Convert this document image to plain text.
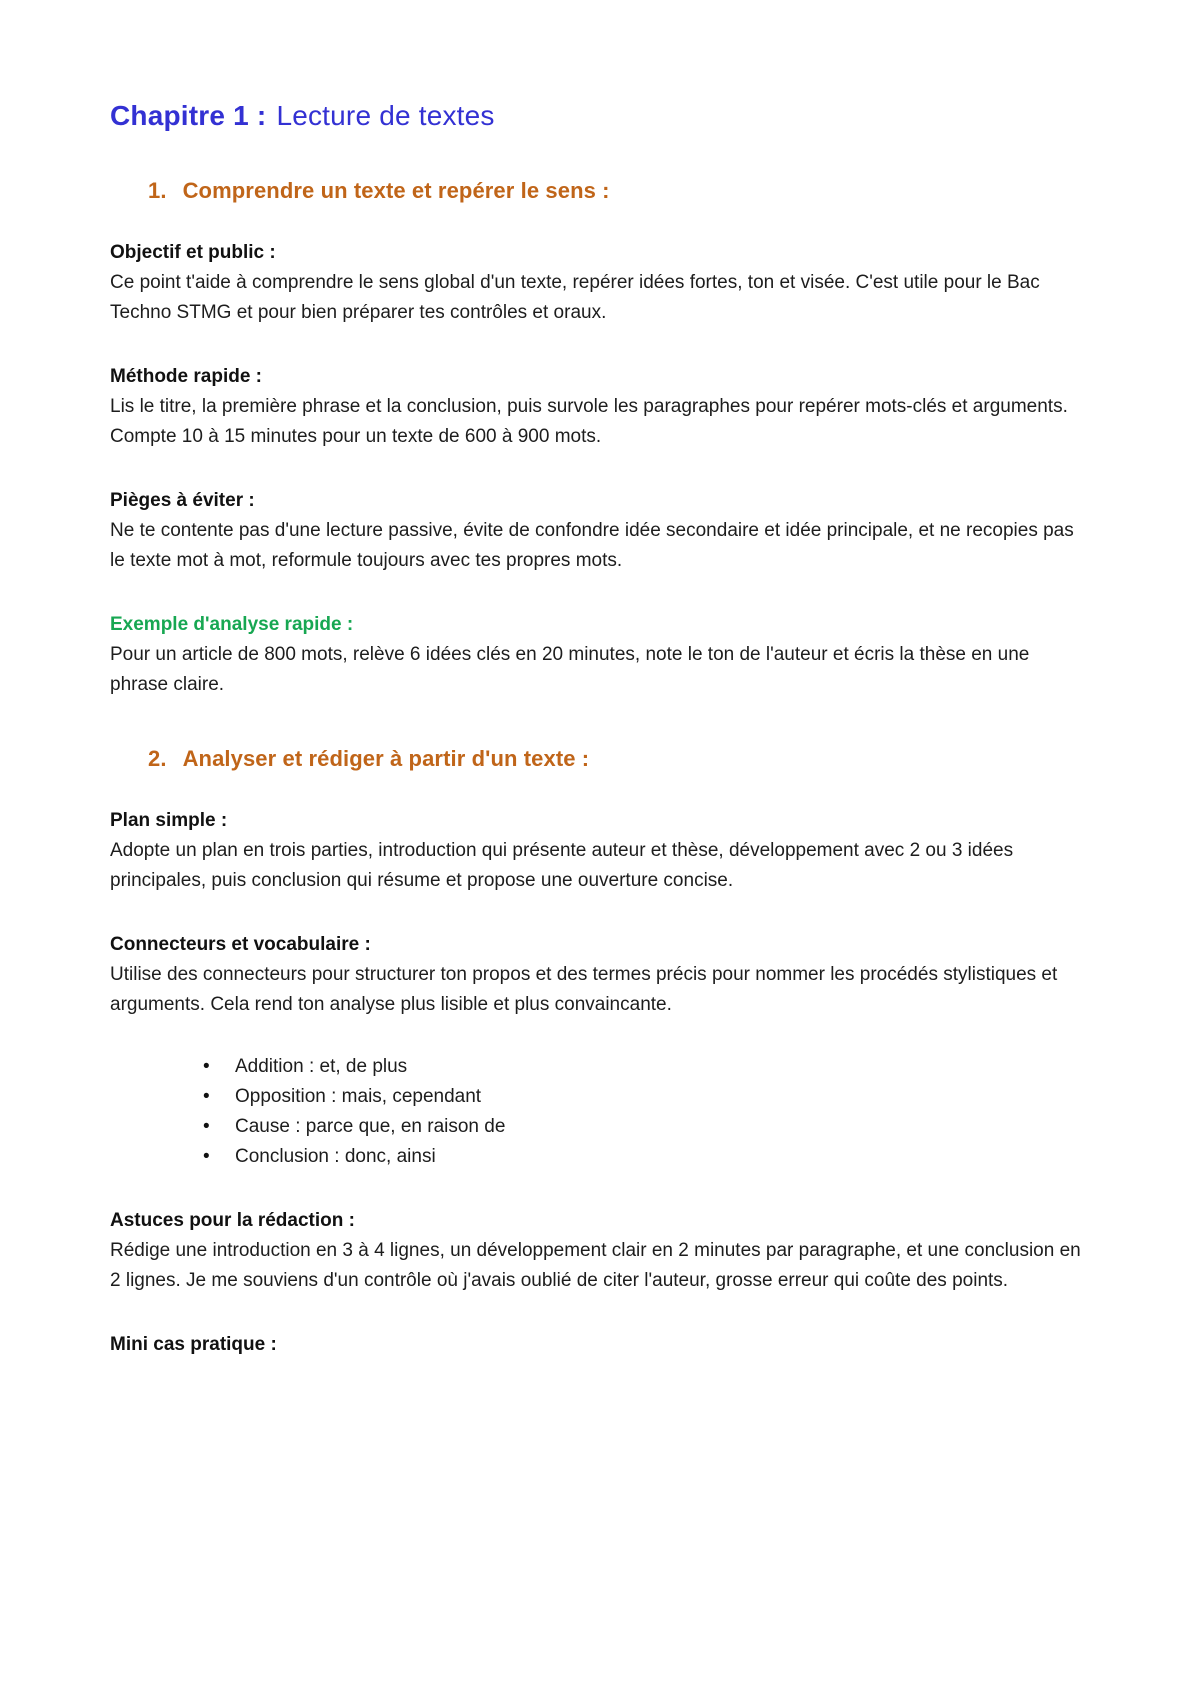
Chapitre 1 : Lecture de textes
1. Comprendre un texte et repérer le sens :

Objectif et public :

Ce point t'aide à comprendre le sens global d'un texte, repérer idées fortes, ton et visée. C'est utile pour le Bac Techno STMG et pour bien préparer tes contrôles et oraux.

Méthode rapide :

Lis le titre, la première phrase et la conclusion, puis survole les paragraphes pour repérer mots-clés et arguments. Compte 10 à 15 minutes pour un texte de 600 à 900 mots.

Pièges à éviter :

Ne te contente pas d'une lecture passive, évite de confondre idée secondaire et idée principale, et ne recopies pas le texte mot à mot, reformule toujours avec tes propres mots.

Exemple d'analyse rapide :

Pour un article de 800 mots, relève 6 idées clés en 20 minutes, note le ton de l'auteur et écris la thèse en une phrase claire.

2. Analyser et rédiger à partir d'un texte :

Plan simple :

Adopte un plan en trois parties, introduction qui présente auteur et thèse, développement avec 2 ou 3 idées principales, puis conclusion qui résume et propose une ouverture concise.

Connecteurs et vocabulaire :

Utilise des connecteurs pour structurer ton propos et des termes précis pour nommer les procédés stylistiques et arguments. Cela rend ton analyse plus lisible et plus convaincante.

• Addition : et, de plus
• Opposition : mais, cependant
• Cause : parce que, en raison de
• Conclusion : donc, ainsi

Astuces pour la rédaction :

Rédige une introduction en 3 à 4 lignes, un développement clair en 2 minutes par paragraphe, et une conclusion en 2 lignes. Je me souviens d'un contrôle où j'avais oublié de citer l'auteur, grosse erreur qui coûte des points.

Mini cas pratique :
